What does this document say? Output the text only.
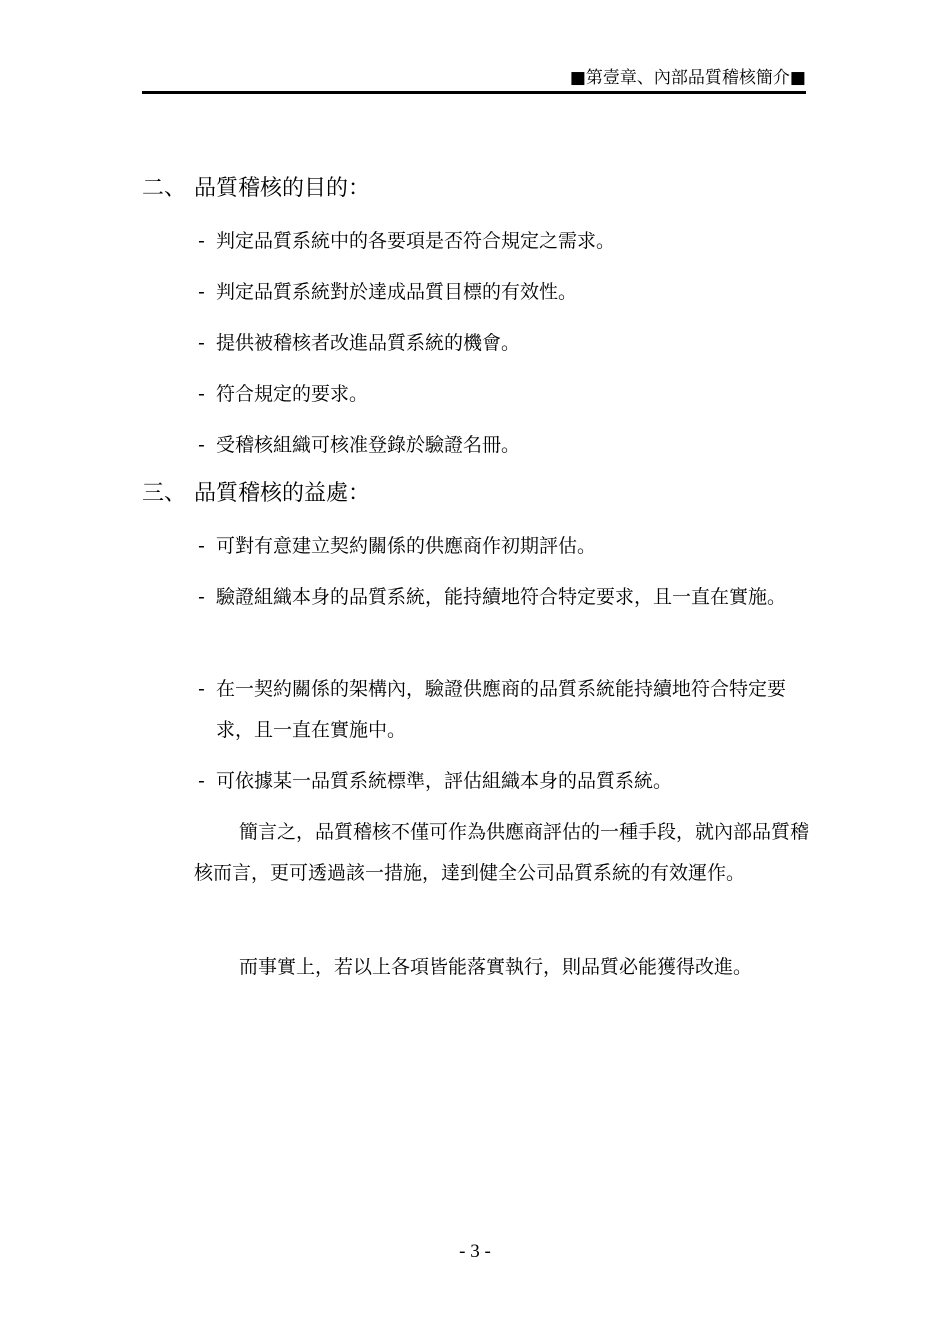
■第壹章、內部品質稽核簡介■
二、 品質稽核的目的：
- 判定品質系統中的各要項是否符合規定之需求。
- 判定品質系統對於達成品質目標的有效性。
- 提供被稽核者改進品質系統的機會。
- 符合規定的要求。
- 受稽核組織可核准登錄於驗證名冊。
三、 品質稽核的益處：
- 可對有意建立契約關係的供應商作初期評估。
- 驗證組織本身的品質系統，能持續地符合特定要求，且一直在實施。
- 在一契約關係的架構內，驗證供應商的品質系統能持續地符合特定要求，且一直在實施中。
- 可依據某一品質系統標準，評估組織本身的品質系統。
簡言之，品質稽核不僅可作為供應商評估的一種手段，就內部品質稽核而言，更可透過該一措施，達到健全公司品質系統的有效運作。
而事實上，若以上各項皆能落實執行，則品質必能獲得改進。
- 3 -
